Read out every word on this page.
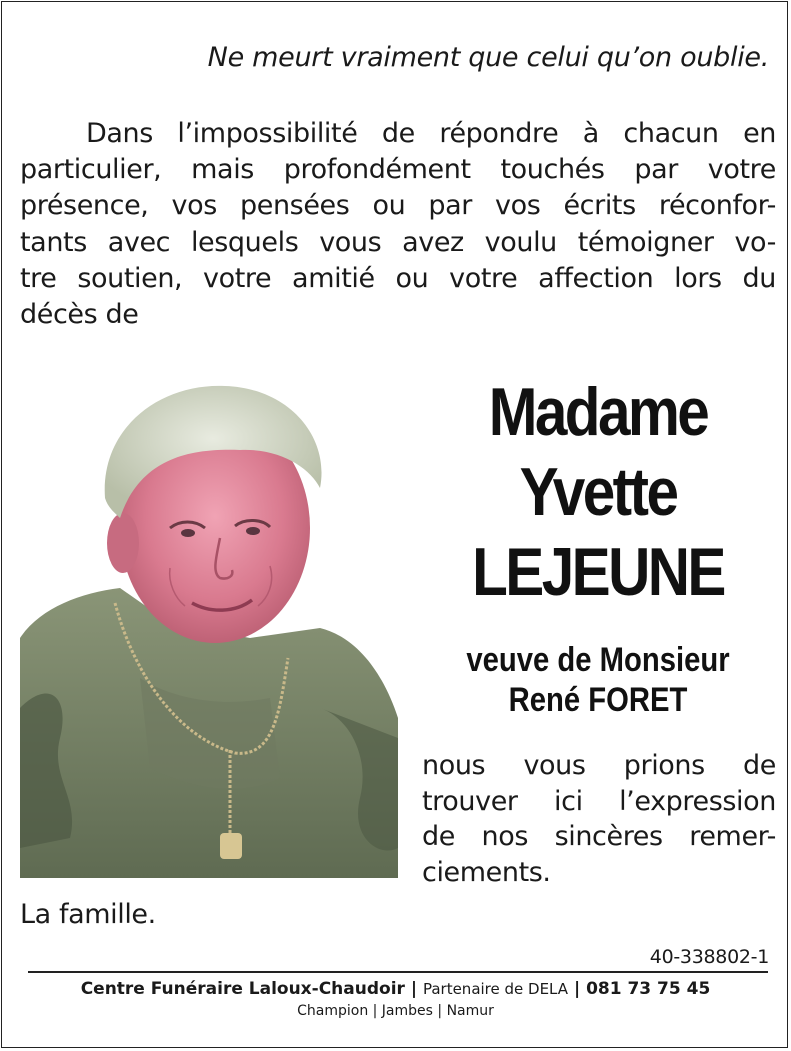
Ne meurt vraiment que celui qu’on oublie.
Dans l’impossibilité de répondre à chacun en
particulier, mais profondément touchés par votre
présence, vos pensées ou par vos écrits réconfor-
tants avec lesquels vous avez voulu témoigner vo-
tre soutien, votre amitié ou votre affection lors du
décès de
Madame
Yvette
LEJEUNE
veuve de Monsieur
René FORET
nous vous prions de
trouver ici l’expression
de nos sincères remer-
ciements.
La famille.
40-338802-1
Centre Funéraire Laloux-Chaudoir | Partenaire de DELA | 081 73 75 45
Champion | Jambes | Namur
